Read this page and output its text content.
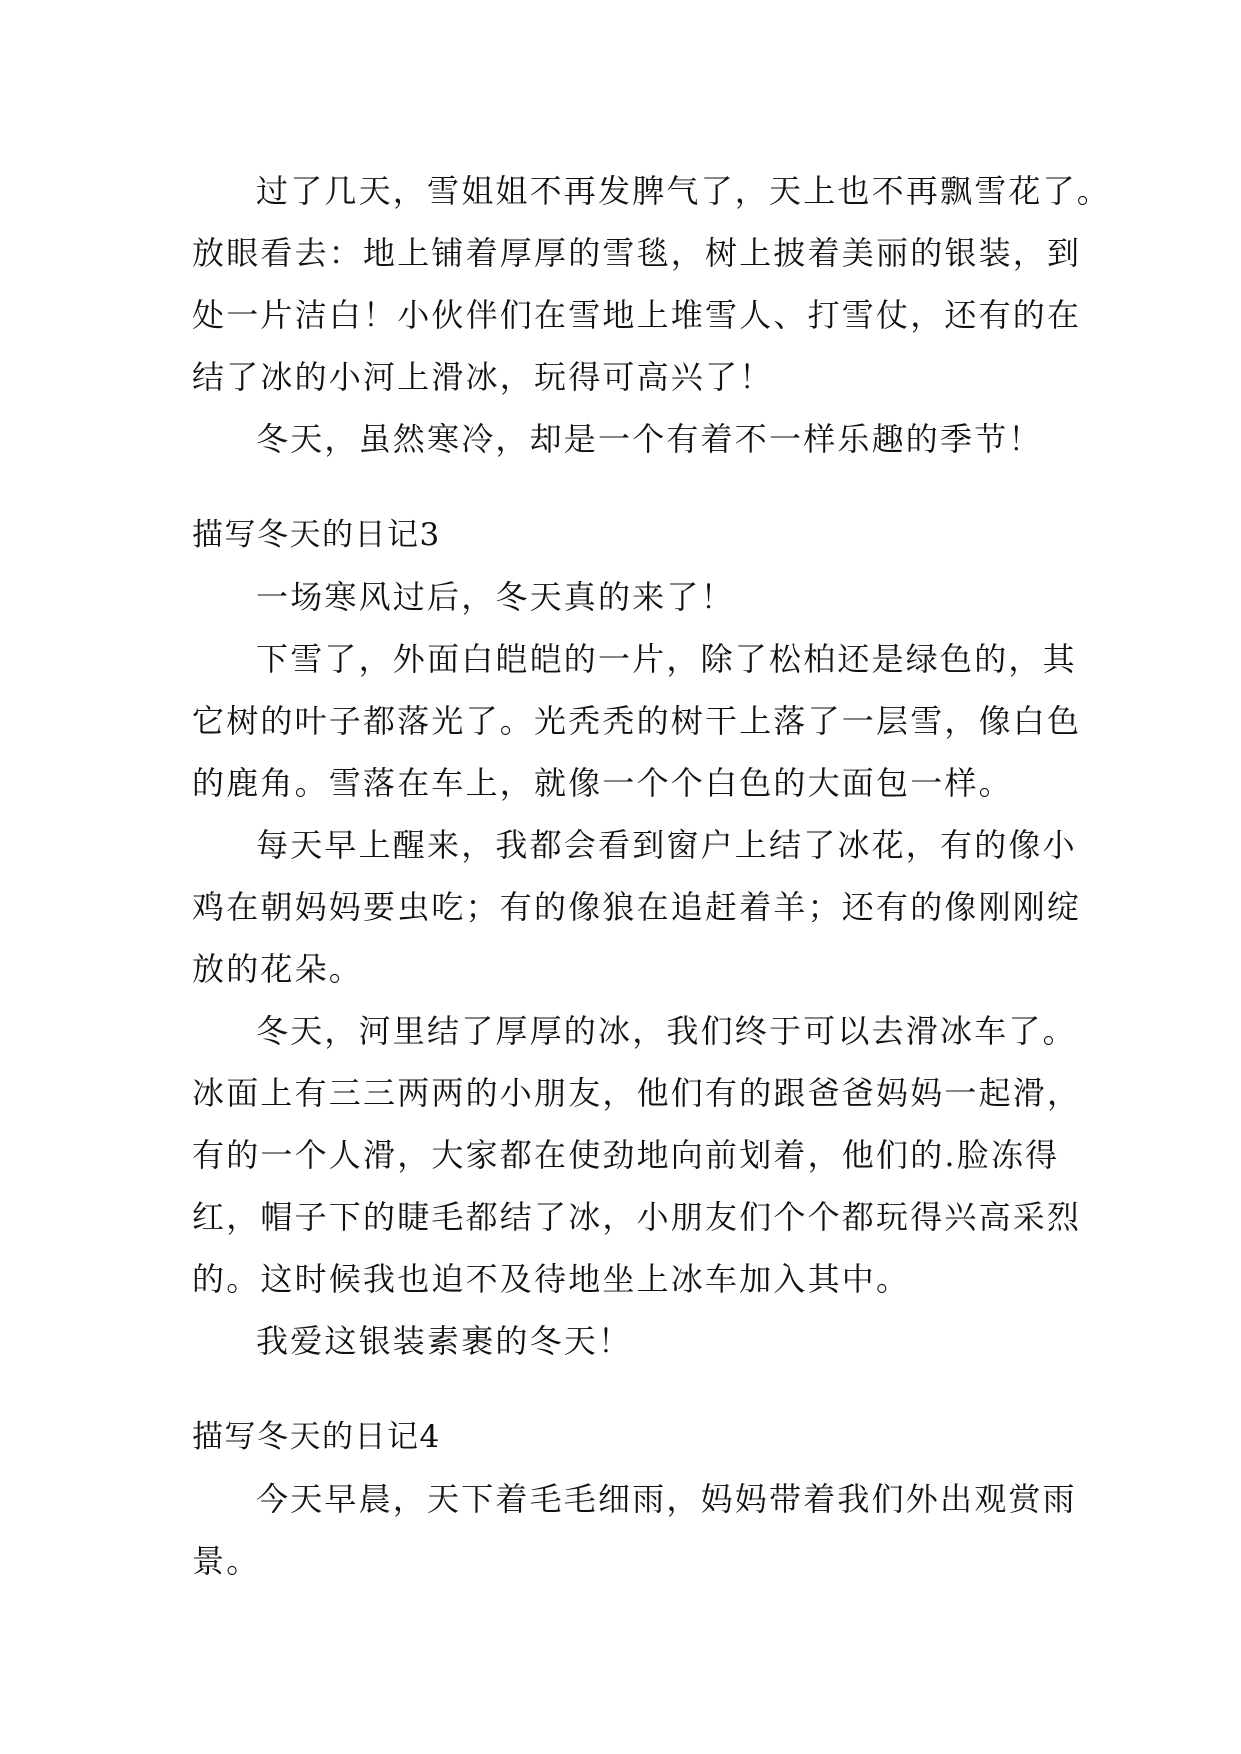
过了几天，雪姐姐不再发脾气了，天上也不再飘雪花了。
放眼看去：地上铺着厚厚的雪毯，树上披着美丽的银装，到
处一片洁白！小伙伴们在雪地上堆雪人、打雪仗，还有的在
结了冰的小河上滑冰，玩得可高兴了！
冬天，虽然寒冷，却是一个有着不一样乐趣的季节！
描写冬天的日记3
一场寒风过后，冬天真的来了！
下雪了，外面白皑皑的一片，除了松柏还是绿色的，其
它树的叶子都落光了。光秃秃的树干上落了一层雪，像白色
的鹿角。雪落在车上，就像一个个白色的大面包一样。
每天早上醒来，我都会看到窗户上结了冰花，有的像小
鸡在朝妈妈要虫吃；有的像狼在追赶着羊；还有的像刚刚绽
放的花朵。
冬天，河里结了厚厚的冰，我们终于可以去滑冰车了。
冰面上有三三两两的小朋友，他们有的跟爸爸妈妈一起滑，
有的一个人滑，大家都在使劲地向前划着，他们的.脸冻得
红，帽子下的睫毛都结了冰，小朋友们个个都玩得兴高采烈
的。这时候我也迫不及待地坐上冰车加入其中。
我爱这银装素裹的冬天！
描写冬天的日记4
今天早晨，天下着毛毛细雨，妈妈带着我们外出观赏雨
景。
